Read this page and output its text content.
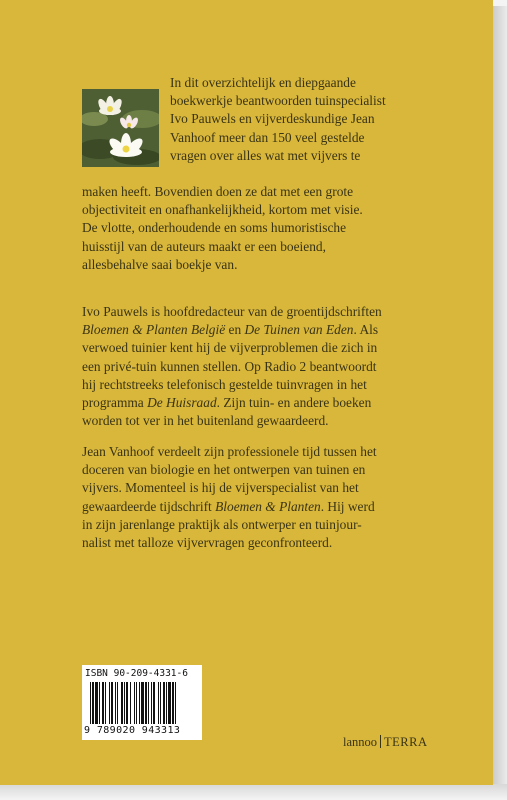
In dit overzichtelijk en diepgaande
boekwerkje beantwoorden tuinspecialist
Ivo Pauwels en vijverdeskundige Jean
Vanhoof meer dan 150 veel gestelde
vragen over alles wat met vijvers te

maken heeft. Bovendien doen ze dat met een grote
objectiviteit en onafhankelijkheid, kortom met visie.
De vlotte, onderhoudende en soms humoristische
huisstijl van de auteurs maakt er een boeiend,
allesbehalve saai boekje van.

Ivo Pauwels is hoofdredacteur van de groentijdschriften
Bloemen & Planten België en De Tuinen van Eden. Als
verwoed tuinier kent hij de vijverproblemen die zich in
een privé-tuin kunnen stellen. Op Radio 2 beantwoordt
hij rechtstreeks telefonisch gestelde tuinvragen in het
programma De Huisraad. Zijn tuin- en andere boeken
worden tot ver in het buitenland gewaardeerd.

Jean Vanhoof verdeelt zijn professionele tijd tussen het
doceren van biologie en het ontwerpen van tuinen en
vijvers. Momenteel is hij de vijverspecialist van het
gewaardeerde tijdschrift Bloemen & Planten. Hij werd
in zijn jarenlange praktijk als ontwerper en tuinjour-
nalist met talloze vijvervragen geconfronteerd.

ISBN 90-209-4331-6
9 789020 943313
lannoo TERRA
